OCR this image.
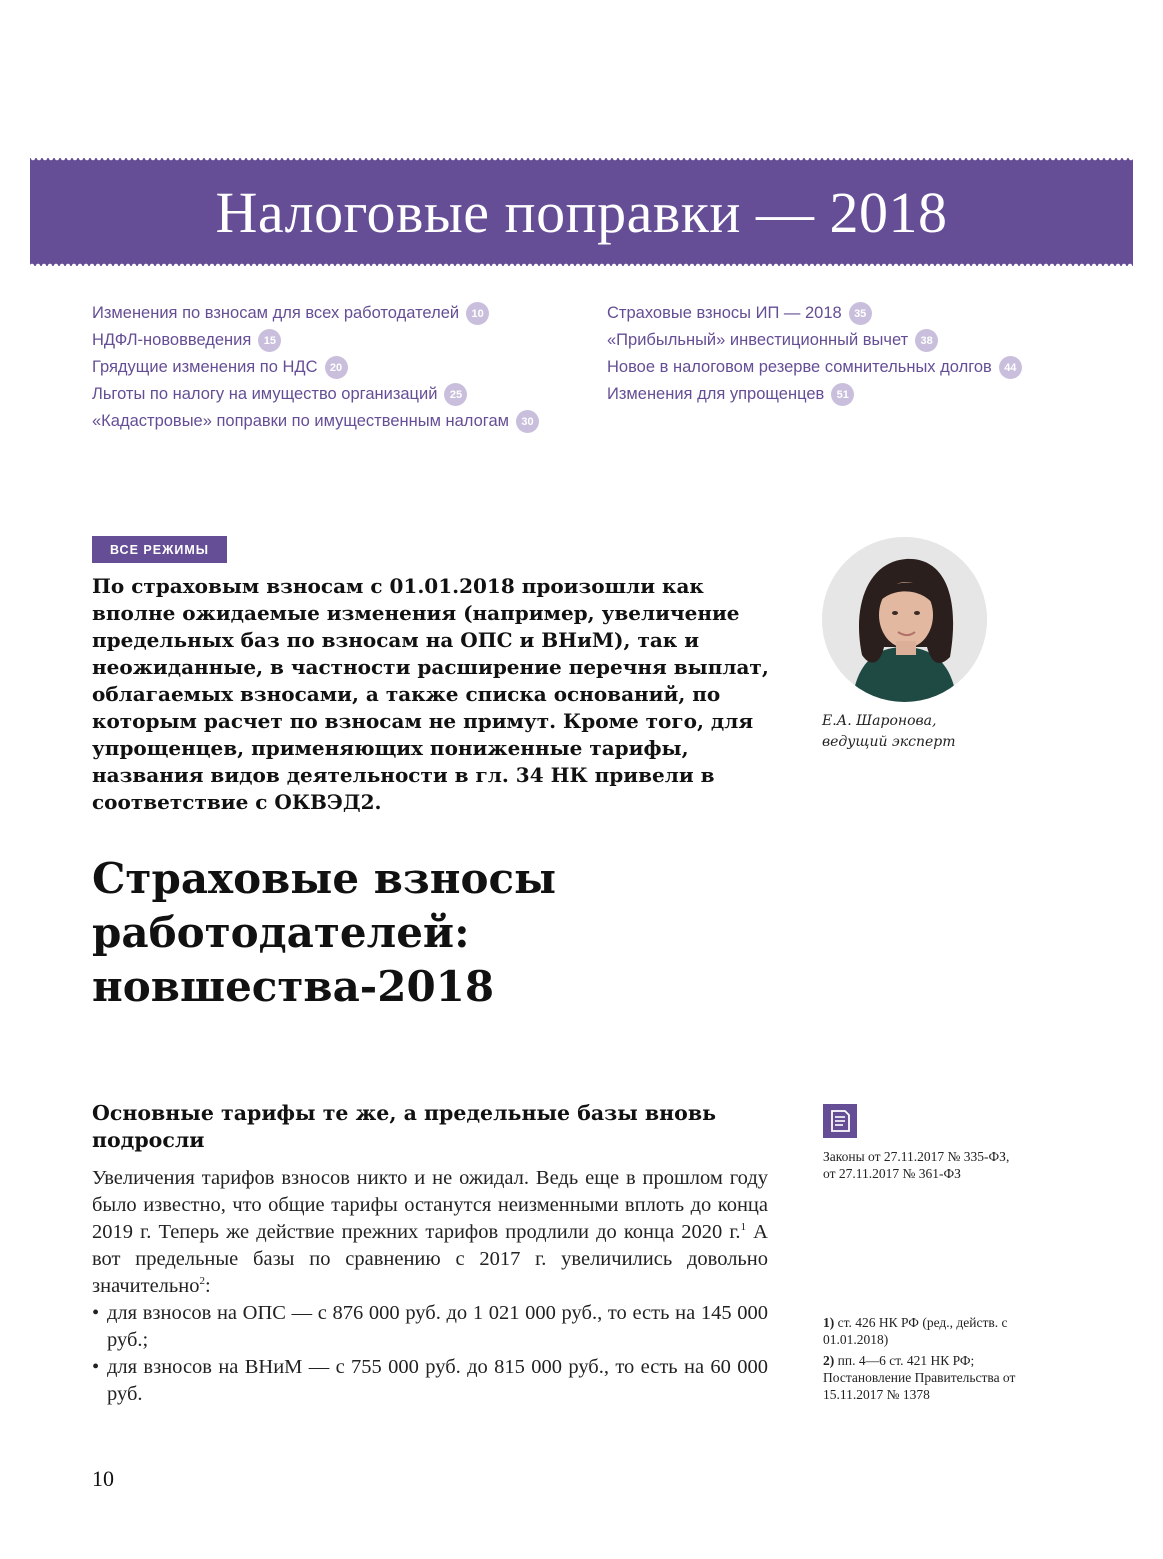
Налоговые поправки — 2018
Изменения по взносам для всех работодателей	10
НДФЛ-нововведения	15
Грядущие изменения по НДС	20
Льготы по налогу на имущество организаций	25
«Кадастровые» поправки по имущественным налогам	30
Страховые взносы ИП — 2018	35
«Прибыльный» инвестиционный вычет	38
Новое в налоговом резерве сомнительных долгов	44
Изменения для упрощенцев	51
ВСЕ РЕЖИМЫ

По страховым взносам с 01.01.2018 произошли как вполне ожидаемые изменения (например, увеличение предельных баз по взносам на ОПС и ВНиМ), так и неожиданные, в частности расширение перечня выплат, облагаемых взносами, а также списка оснований, по которым расчет по взносам не примут. Кроме того, для упрощенцев, применяющих пониженные тарифы, названия видов деятельности в гл. 34 НК привели в соответствие с ОКВЭД2.

Е.А. Шаронова,
ведущий эксперт
Страховые взносы работодателей: новшества-2018
Основные тарифы те же, а предельные базы вновь подросли

Увеличения тарифов взносов никто и не ожидал. Ведь еще в прошлом году было известно, что общие тарифы останутся неизменными вплоть до конца 2019 г. Теперь же действие прежних тарифов продлили до конца 2020 г.$^1$ А вот предельные базы по сравнению с 2017 г. увеличились довольно значительно$^2$:

• для взносов на ОПС — с 876 000 руб. до 1 021 000 руб., то есть на 145 000 руб.;
• для взносов на ВНиМ — с 755 000 руб. до 815 000 руб., то есть на 60 000 руб.
Законы от 27.11.2017 № 335-ФЗ,
от 27.11.2017 № 361-ФЗ
1) ст. 426 НК РФ (ред., действ. с 01.01.2018)
2) пп. 4—6 ст. 421 НК РФ; Постановление Правительства от 15.11.2017 № 1378
10
